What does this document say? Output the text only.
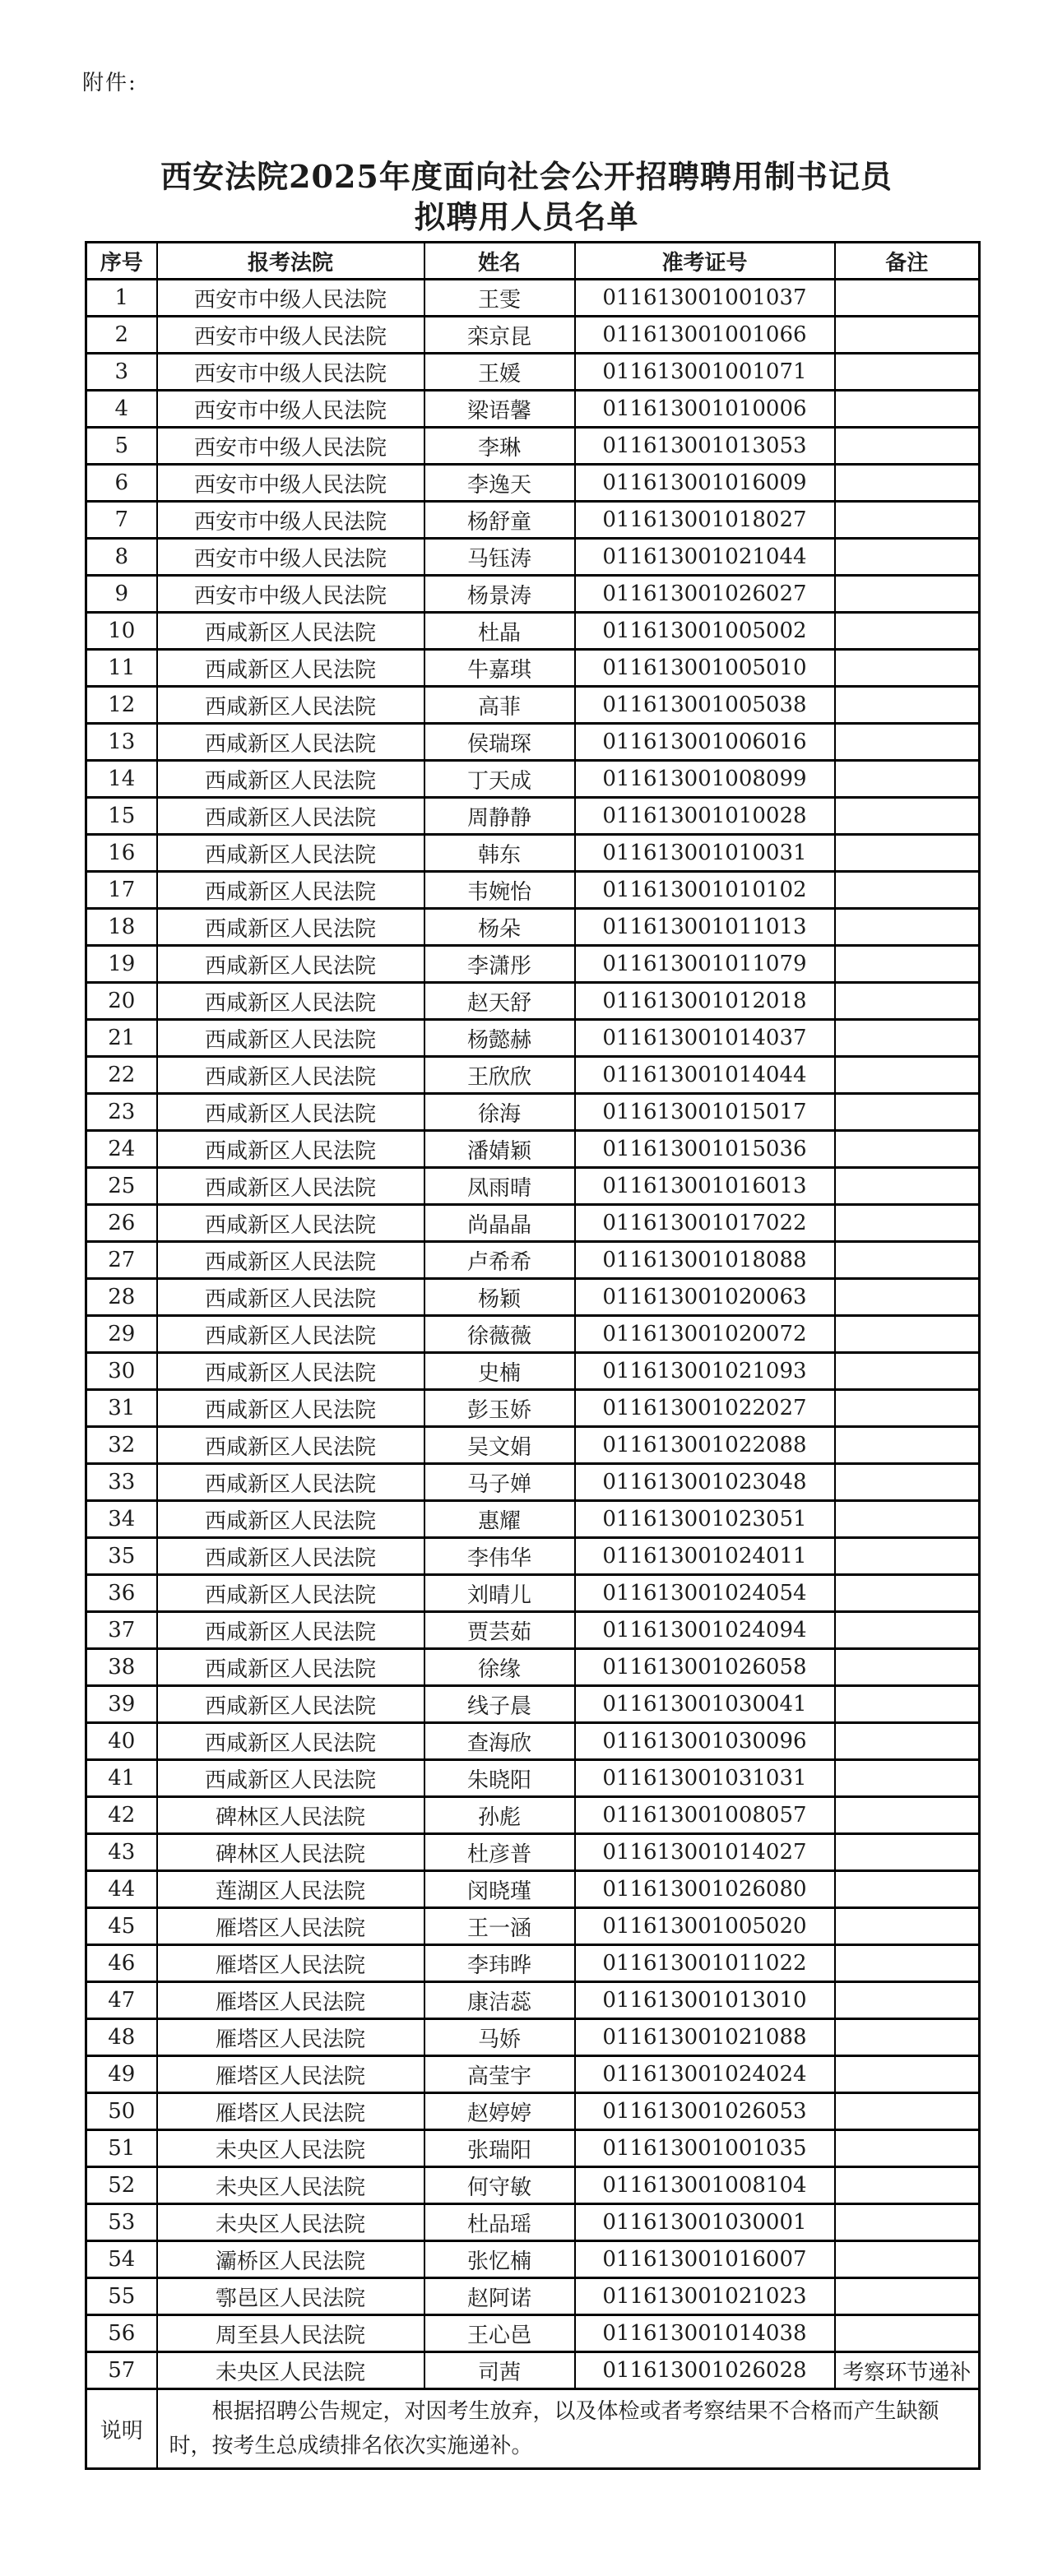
附件:
西安法院2025年度面向社会公开招聘聘用制书记员
拟聘用人员名单
序号	报考法院	姓名	准考证号	备注
1	西安市中级人民法院	王雯	011613001001037	
2	西安市中级人民法院	栾京昆	011613001001066	
3	西安市中级人民法院	王媛	011613001001071	
4	西安市中级人民法院	梁语馨	011613001010006	
5	西安市中级人民法院	李琳	011613001013053	
6	西安市中级人民法院	李逸天	011613001016009	
7	西安市中级人民法院	杨舒童	011613001018027	
8	西安市中级人民法院	马钰涛	011613001021044	
9	西安市中级人民法院	杨景涛	011613001026027	
10	西咸新区人民法院	杜晶	011613001005002	
11	西咸新区人民法院	牛嘉琪	011613001005010	
12	西咸新区人民法院	高菲	011613001005038	
13	西咸新区人民法院	侯瑞琛	011613001006016	
14	西咸新区人民法院	丁天成	011613001008099	
15	西咸新区人民法院	周静静	011613001010028	
16	西咸新区人民法院	韩东	011613001010031	
17	西咸新区人民法院	韦婉怡	011613001010102	
18	西咸新区人民法院	杨朵	011613001011013	
19	西咸新区人民法院	李潇彤	011613001011079	
20	西咸新区人民法院	赵天舒	011613001012018	
21	西咸新区人民法院	杨懿赫	011613001014037	
22	西咸新区人民法院	王欣欣	011613001014044	
23	西咸新区人民法院	徐海	011613001015017	
24	西咸新区人民法院	潘婧颖	011613001015036	
25	西咸新区人民法院	凤雨晴	011613001016013	
26	西咸新区人民法院	尚晶晶	011613001017022	
27	西咸新区人民法院	卢希希	011613001018088	
28	西咸新区人民法院	杨颖	011613001020063	
29	西咸新区人民法院	徐薇薇	011613001020072	
30	西咸新区人民法院	史楠	011613001021093	
31	西咸新区人民法院	彭玉娇	011613001022027	
32	西咸新区人民法院	吴文娟	011613001022088	
33	西咸新区人民法院	马子婵	011613001023048	
34	西咸新区人民法院	惠耀	011613001023051	
35	西咸新区人民法院	李伟华	011613001024011	
36	西咸新区人民法院	刘晴儿	011613001024054	
37	西咸新区人民法院	贾芸茹	011613001024094	
38	西咸新区人民法院	徐缘	011613001026058	
39	西咸新区人民法院	线子晨	011613001030041	
40	西咸新区人民法院	查海欣	011613001030096	
41	西咸新区人民法院	朱晓阳	011613001031031	
42	碑林区人民法院	孙彪	011613001008057	
43	碑林区人民法院	杜彦普	011613001014027	
44	莲湖区人民法院	闵晓瑾	011613001026080	
45	雁塔区人民法院	王一涵	011613001005020	
46	雁塔区人民法院	李玮晔	011613001011022	
47	雁塔区人民法院	康洁蕊	011613001013010	
48	雁塔区人民法院	马娇	011613001021088	
49	雁塔区人民法院	高莹宇	011613001024024	
50	雁塔区人民法院	赵婷婷	011613001026053	
51	未央区人民法院	张瑞阳	011613001001035	
52	未央区人民法院	何守敏	011613001008104	
53	未央区人民法院	杜品瑶	011613001030001	
54	灞桥区人民法院	张忆楠	011613001016007	
55	鄠邑区人民法院	赵阿诺	011613001021023	
56	周至县人民法院	王心邑	011613001014038	
57	未央区人民法院	司茜	011613001026028	考察环节递补
说明	根据招聘公告规定，对因考生放弃，以及体检或者考察结果不合格而产生缺额时，按考生总成绩排名依次实施递补。			
